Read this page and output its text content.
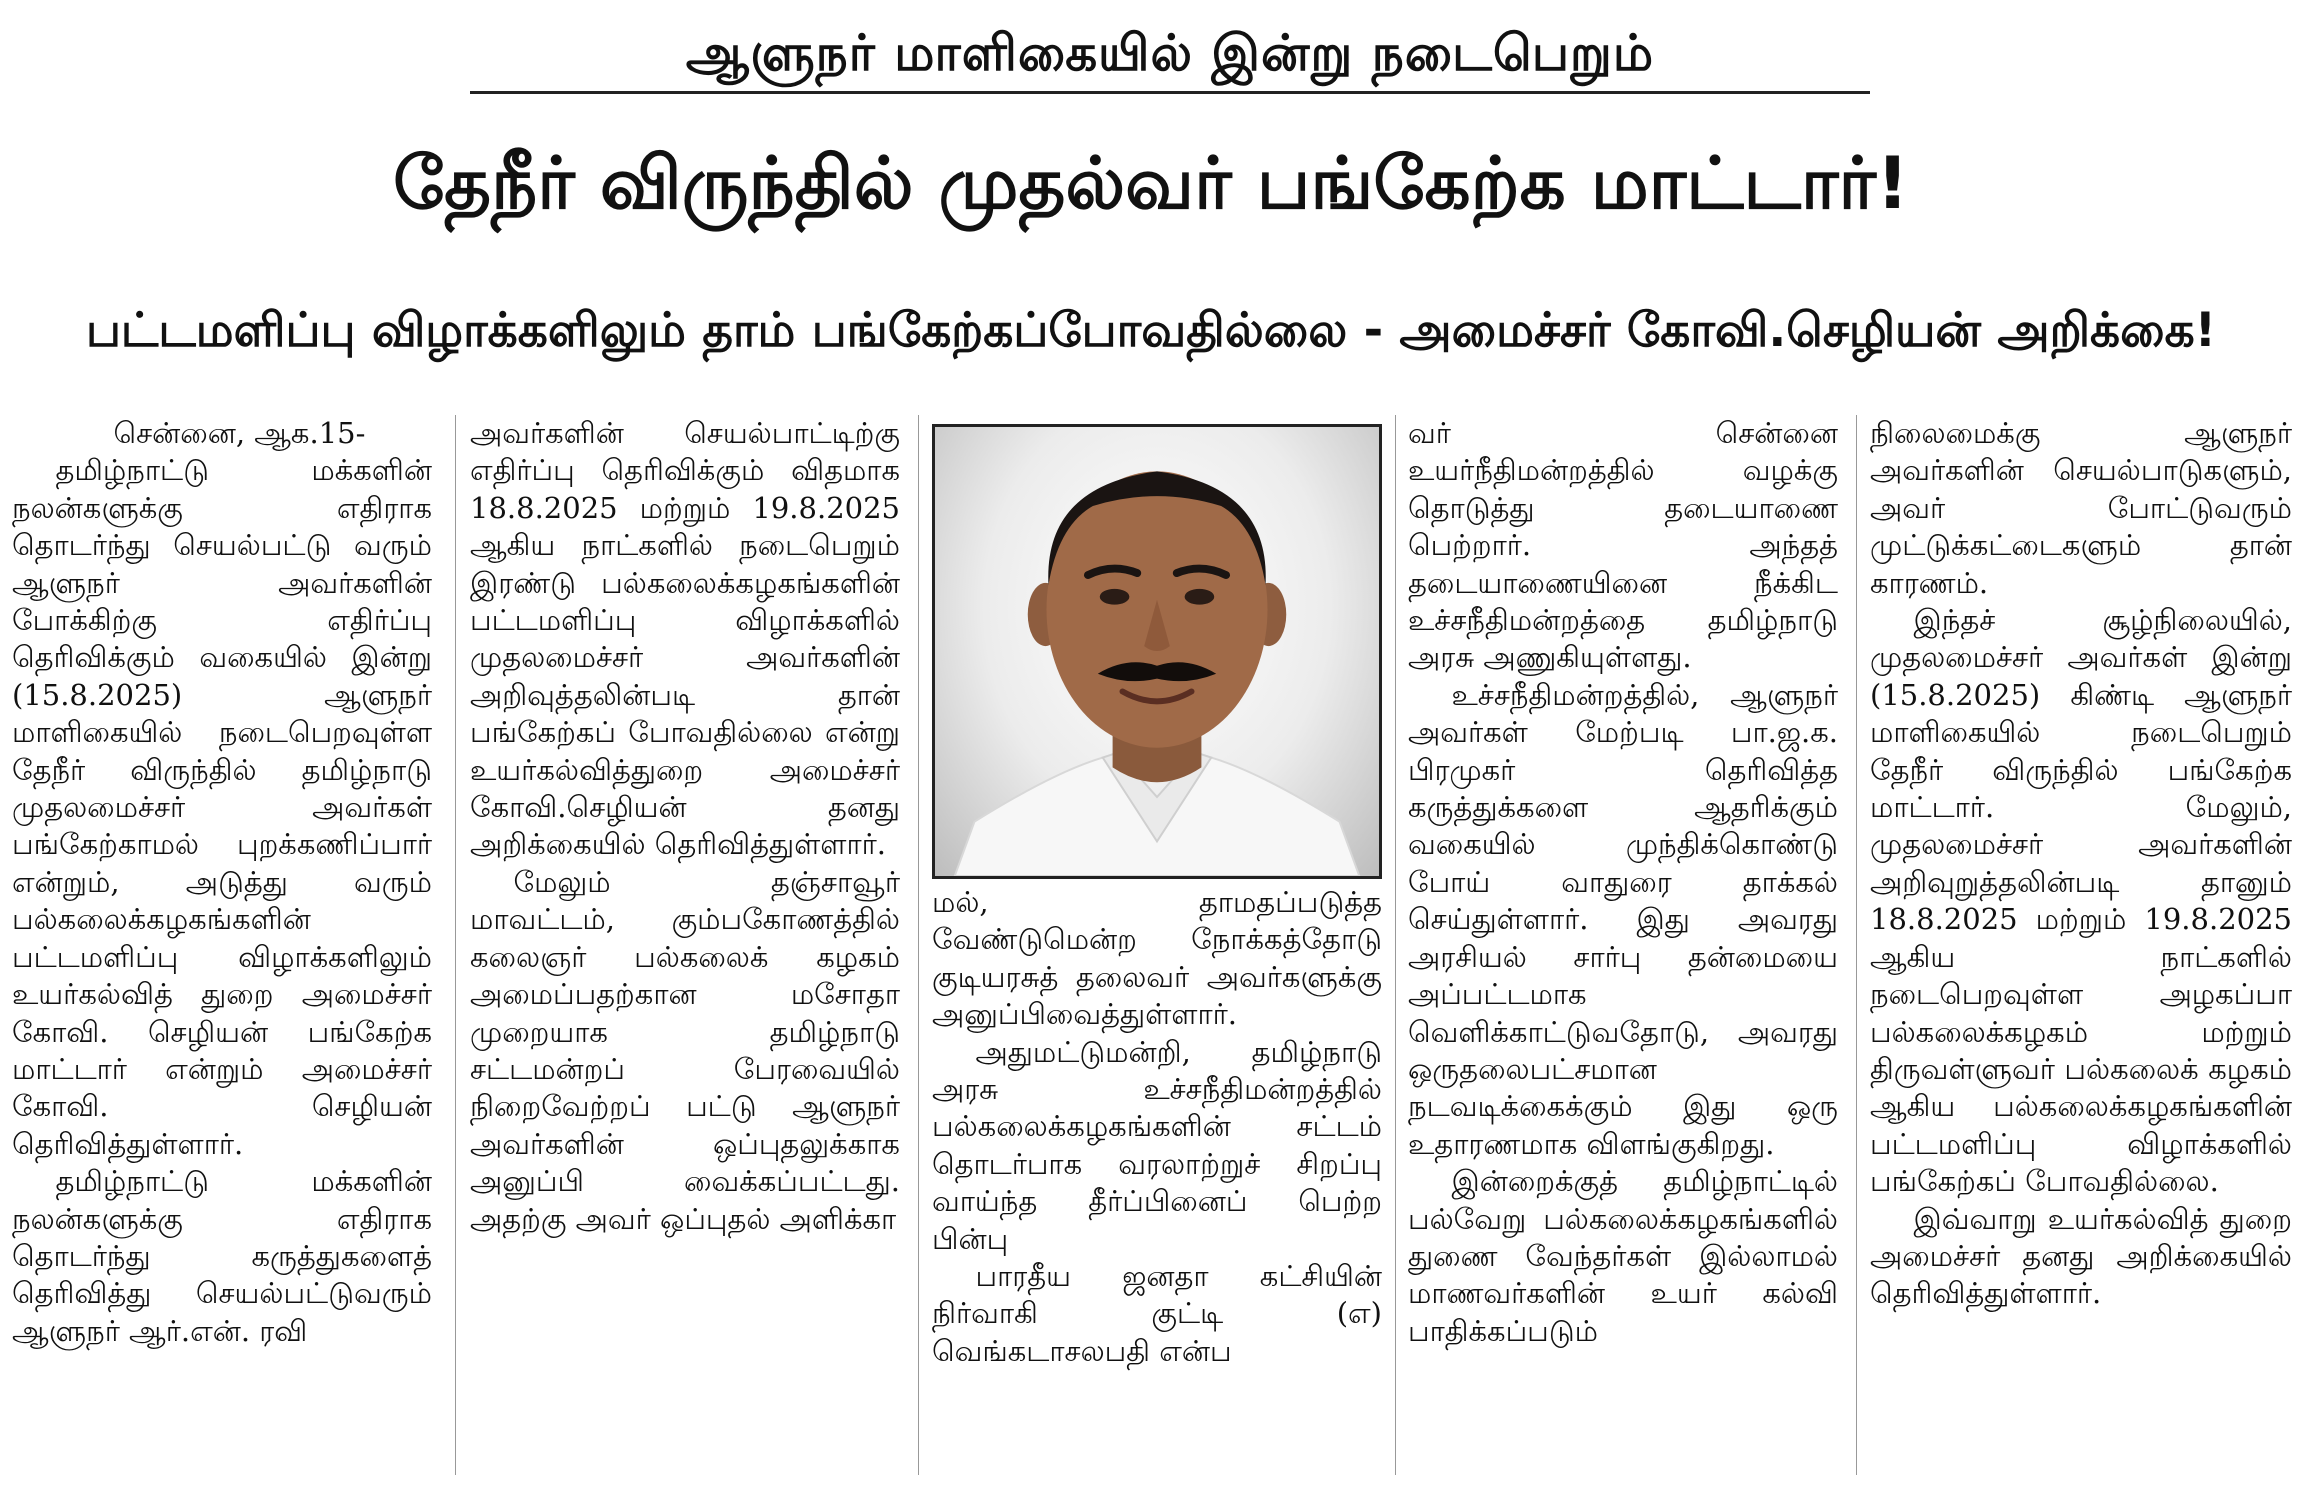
ஆளுநர் மாளிகையில் இன்று நடைபெறும்
தேநீர் விருந்தில் முதல்வர் பங்கேற்க மாட்டார்!
பட்டமளிப்பு விழாக்களிலும் தாம் பங்கேற்கப்போவதில்லை - அமைச்சர் கோவி.செழியன் அறிக்கை!

சென்னை, ஆக.15-

தமிழ்நாட்டு மக்களின் நலன்களுக்கு எதிராக தொடர்ந்து செயல்பட்டு வரும் ஆளுநர் அவர்களின் போக்கிற்கு எதிர்ப்பு தெரிவிக்கும் வகையில் இன்று (15.8.2025) ஆளுநர் மாளிகையில் நடைபெறவுள்ள தேநீர் விருந்தில் தமிழ்நாடு முதலமைச்சர் அவர்கள் பங்கேற்காமல் புறக்கணிப்பார் என்றும், அடுத்து வரும் பல்கலைக்கழகங்களின் பட்டமளிப்பு விழாக்களிலும் உயர்கல்வித் துறை அமைச்சர் கோவி. செழியன் பங்கேற்க மாட்டார் என்றும் அமைச்சர் கோவி. செழியன் தெரிவித்துள்ளார்.

தமிழ்நாட்டு மக்களின் நலன்களுக்கு எதிராக தொடர்ந்து கருத்துகளைத் தெரிவித்து செயல்பட்டுவரும் ஆளுநர் ஆர்.என். ரவி

அவர்களின் செயல்பாட்டிற்கு எதிர்ப்பு தெரிவிக்கும் விதமாக 18.8.2025 மற்றும் 19.8.2025 ஆகிய நாட்களில் நடைபெறும் இரண்டு பல்கலைக்கழகங்களின் பட்டமளிப்பு விழாக்களில் முதலமைச்சர் அவர்களின் அறிவுத்தலின்படி தான் பங்கேற்கப் போவதில்லை என்று உயர்கல்வித்துறை அமைச்சர் கோவி.செழியன் தனது அறிக்கையில் தெரிவித்துள்ளார்.

மேலும் தஞ்சாவூர் மாவட்டம், கும்பகோணத்தில் கலைஞர் பல்கலைக் கழகம் அமைப்பதற்கான மசோதா முறையாக தமிழ்நாடு சட்டமன்றப் பேரவையில் நிறைவேற்றப் பட்டு ஆளுநர் அவர்களின் ஒப்புதலுக்காக அனுப்பி வைக்கப்பட்டது. அதற்கு அவர் ஒப்புதல் அளிக்கா

மல், தாமதப்படுத்த வேண்டுமென்ற நோக்கத்தோடு குடியரசுத் தலைவர் அவர்களுக்கு அனுப்பிவைத்துள்ளார்.

அதுமட்டுமன்றி, தமிழ்நாடு அரசு உச்சநீதிமன்றத்தில் பல்கலைக்கழகங்களின் சட்டம் தொடர்பாக வரலாற்றுச் சிறப்பு வாய்ந்த தீர்ப்பினைப் பெற்ற பின்பு

பாரதீய ஜனதா கட்சியின் நிர்வாகி குட்டி (எ) வெங்கடாசலபதி என்ப

வர் சென்னை உயர்நீதிமன்றத்தில் வழக்கு தொடுத்து தடையாணை பெற்றார். அந்தத் தடையாணையினை நீக்கிட உச்சநீதிமன்றத்தை தமிழ்நாடு அரசு அணுகியுள்ளது.

உச்சநீதிமன்றத்தில், ஆளுநர் அவர்கள் மேற்படி பா.ஜ.க. பிரமுகர் தெரிவித்த கருத்துக்களை ஆதரிக்கும் வகையில் முந்திக்கொண்டு போய் வாதுரை தாக்கல் செய்துள்ளார். இது அவரது அரசியல் சார்பு தன்மையை அப்பட்டமாக வெளிக்காட்டுவதோடு, அவரது ஒருதலைபட்சமான நடவடிக்கைக்கும் இது ஒரு உதாரணமாக விளங்குகிறது.

இன்றைக்குத் தமிழ்நாட்டில் பல்வேறு பல்கலைக்கழகங்களில் துணை வேந்தர்கள் இல்லாமல் மாணவர்களின் உயர் கல்வி பாதிக்கப்படும்

நிலைமைக்கு ஆளுநர் அவர்களின் செயல்பாடுகளும், அவர் போட்டுவரும் முட்டுக்கட்டைகளும் தான் காரணம்.

இந்தச் சூழ்நிலையில், முதலமைச்சர் அவர்கள் இன்று (15.8.2025) கிண்டி ஆளுநர் மாளிகையில் நடைபெறும் தேநீர் விருந்தில் பங்கேற்க மாட்டார். மேலும், முதலமைச்சர் அவர்களின் அறிவுறுத்தலின்படி தானும் 18.8.2025 மற்றும் 19.8.2025 ஆகிய நாட்களில் நடைபெறவுள்ள அழகப்பா பல்கலைக்கழகம் மற்றும் திருவள்ளுவர் பல்கலைக் கழகம் ஆகிய பல்கலைக்கழகங்களின் பட்டமளிப்பு விழாக்களில் பங்கேற்கப் போவதில்லை.

இவ்வாறு உயர்கல்வித் துறை அமைச்சர் தனது அறிக்கையில் தெரிவித்துள்ளார்.
